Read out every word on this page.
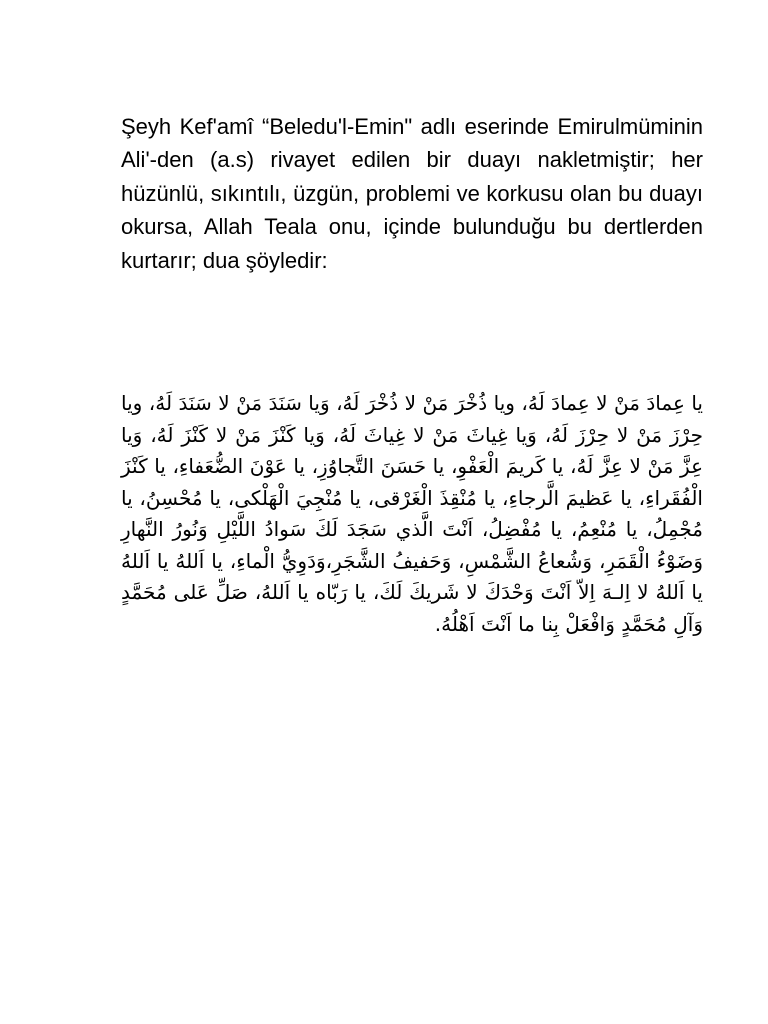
Şeyh Kef'amî “Beledu'l-Emin" adlı eserinde Emirulmüminin Ali'-den (a.s) rivayet edilen bir duayı nakletmiştir; her hüzünlü, sıkıntılı, üzgün, problemi ve korkusu olan bu duayı okursa, Allah Teala onu, içinde bulunduğu bu dertlerden kurtarır; dua şöyledir:

يا عِمادَ مَنْ لا عِمادَ لَهُ، ويا ذُخْرَ مَنْ لا ذُخْرَ لَهُ، وَيا سَنَدَ مَنْ لا سَنَدَ لَهُ، ويا حِرْزَ مَنْ لا حِرْزَ لَهُ، وَيا غِياثَ مَنْ لا غِياثَ لَهُ، وَيا كَنْزَ مَنْ لا كَنْزَ لَهُ، وَيا عِزَّ مَنْ لا عِزَّ لَهُ، يا كَريمَ الْعَفْوِ، يا حَسَنَ التَّجاوُزِ، يا عَوْنَ الضُّعَفاءِ، يا كَنْزَ الْفُقَراءِ، يا عَظيمَ الَّرجاءِ، يا مُنْقِذَ الْغَرْقى، يا مُنْجِيَ الْهَلْكى، يا مُحْسِنُ، يا مُجْمِلُ، يا مُنْعِمُ، يا مُفْضِلُ، اَنْتَ الَّذي سَجَدَ لَكَ سَوادُ اللَّيْلِ وَنُورُ النَّهارِ وَضَوْءُ الْقَمَرِ، وَشُعاعُ الشَّمْسِ، وَحَفيفُ الشَّجَرِ،وَدَوِيُّ الْماءِ، يا اَللهُ يا اَللهُ يا اَللهُ لا اِلـهَ اِلاّ اَنْتَ وَحْدَكَ لا شَريكَ لَكَ، يا رَبّاه يا اَللهُ، صَلِّ عَلى مُحَمَّدٍ وَآلِ مُحَمَّدٍ وَافْعَلْ بِنا ما اَنْتَ اَهْلُهُ.
